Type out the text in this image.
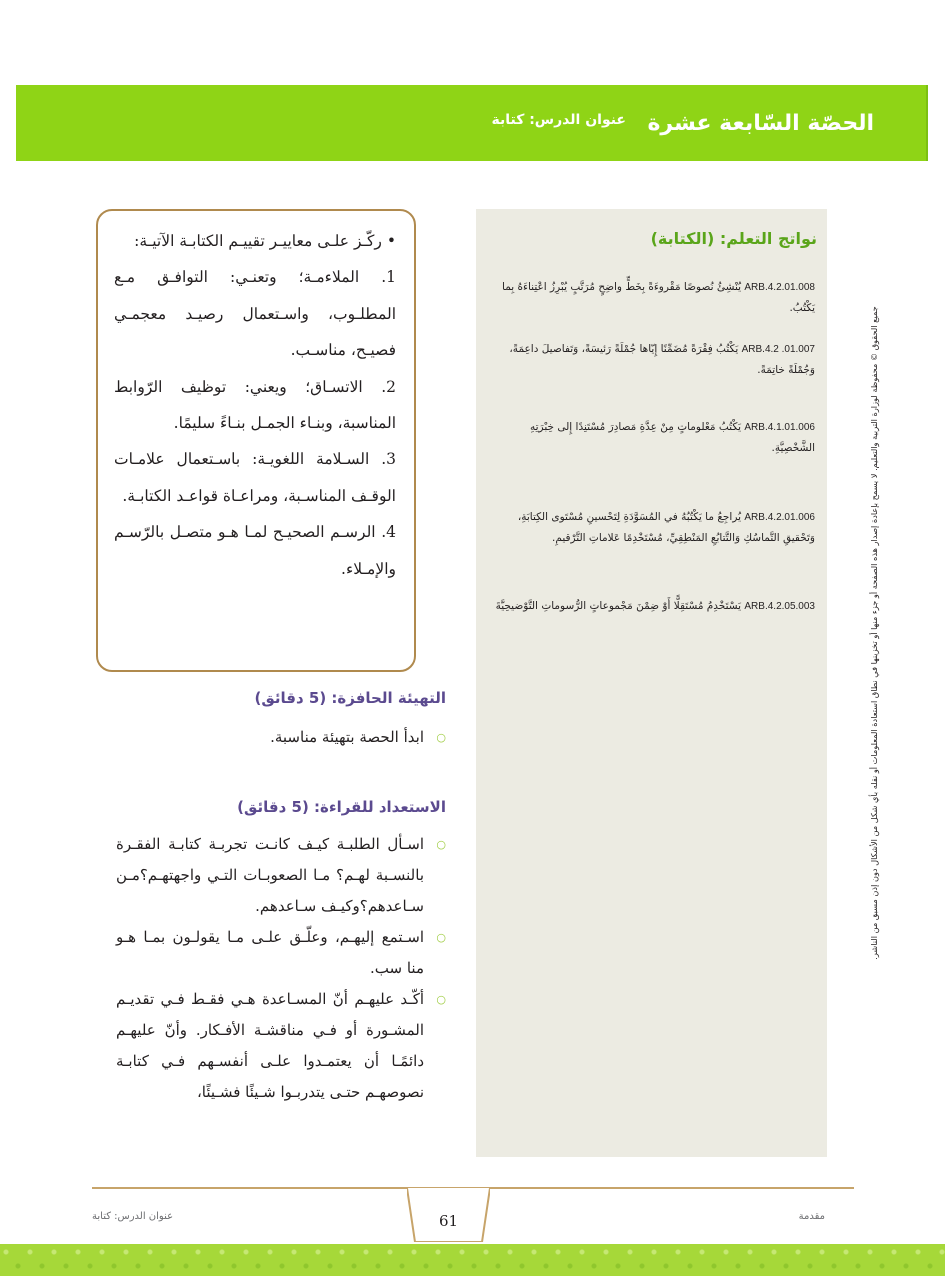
الحصّة السّابعة عشرة
عنوان الدرس: كتابة
جميع الحقوق © محفوظة لوزارة التربية والتعليم. لا يسمح بإعادة إصدار هذه الصفحة أو جزء منها أو تخزينها في نطاق استعادة المعلومات أو نقله بأي شكل من الأشكال دون إذن مسبق من الناشر.
نواتج التعلم: (الكتابة)
ARB.4.2.01.008 يُنْشِئُ نُصوصًا مَقْروءَةً بِخَطٍّ واضِحٍ مُرَتَّبٍ يُبْرِزُ اعْتِناءَهُ بِما يَكْتُبُ.
ARB.4.2 .01.007 يَكْتُبُ فِقْرَةً مُضَمِّنًا إِيّاها جُمْلَةً رَئيسَةً، وَتَفاصيلَ داعِمَةً، وَجُمْلَةً خاتِمَةً.
ARB.4.1.01.006 يَكْتُبُ مَعْلوماتٍ مِنْ عِدَّةِ مَصادِرَ مُسْتَنِدًا إِلى خِبْرَتِهِ الشَّخْصِيَّةِ.
ARB.4.2.01.006 يُراجِعُ ما يَكْتُبُهُ في المُسَوَّدَةِ لِتَحْسينِ مُسْتَوى الكِتابَةِ، وَتَحْقيقِ التَّماسُكِ وَالتَّتابُعِ المَنْطِقِيِّ، مُسْتَخْدِمًا عَلاماتِ التَّرْقيمِ.
ARB.4.2.05.003 يَسْتَخْدِمُ مُسْتَقِلًّا أَوْ ضِمْنَ مَجْموعاتٍ الرُّسوماتِ التَّوْضيحِيَّةَ

• ركّـز علـى معاييـر تقييـم الكتابـة الآتيـة:

1. الملاءمـة؛ وتعنـي: التوافـق مـع المطلـوب، واسـتعمال رصيـد معجمـي فصيـح، مناسـب.

2. الاتسـاق؛ ويعني: توظيف الرّوابط المناسبة، وبنـاء الجمـل بنـاءً سليمًا.

3. السـلامة اللغويـة: باسـتعمال علامـات الوقـف المناسـبة، ومراعـاة قواعـد الكتابـة.

4. الرسـم الصحيـح لمـا هـو متصـل بالرّسـم والإمـلاء.

التهيئة الحافزة: (5 دقائق)
○
ابدأ الحصة بتهيئة مناسبة.
الاستعداد للقراءة: (5 دقائق)
○
اسـأل الطلبـة كيـف كانـت تجربـة كتابـة الفقـرة بالنسـبة لهـم؟ مـا الصعوبـات التـي واجهتهـم؟مـن سـاعدهم؟وكيـف سـاعدهم.
○
اسـتمع إليهـم، وعلّـق علـى مـا يقولـون بمـا هـو منا سب.
○
أكّـد عليهـم أنّ المسـاعدة هـي فقـط فـي تقديـم المشـورة أو فـي مناقشـة الأفـكار. وأنّ عليهـم دائمًـا أن يعتمـدوا علـى أنفسـهم فـي كتابـة نصوصهـم حتـى يتدربـوا شـيئًا فشـيئًا،
61
عنوان الدرس: كتابة	مقدمة
